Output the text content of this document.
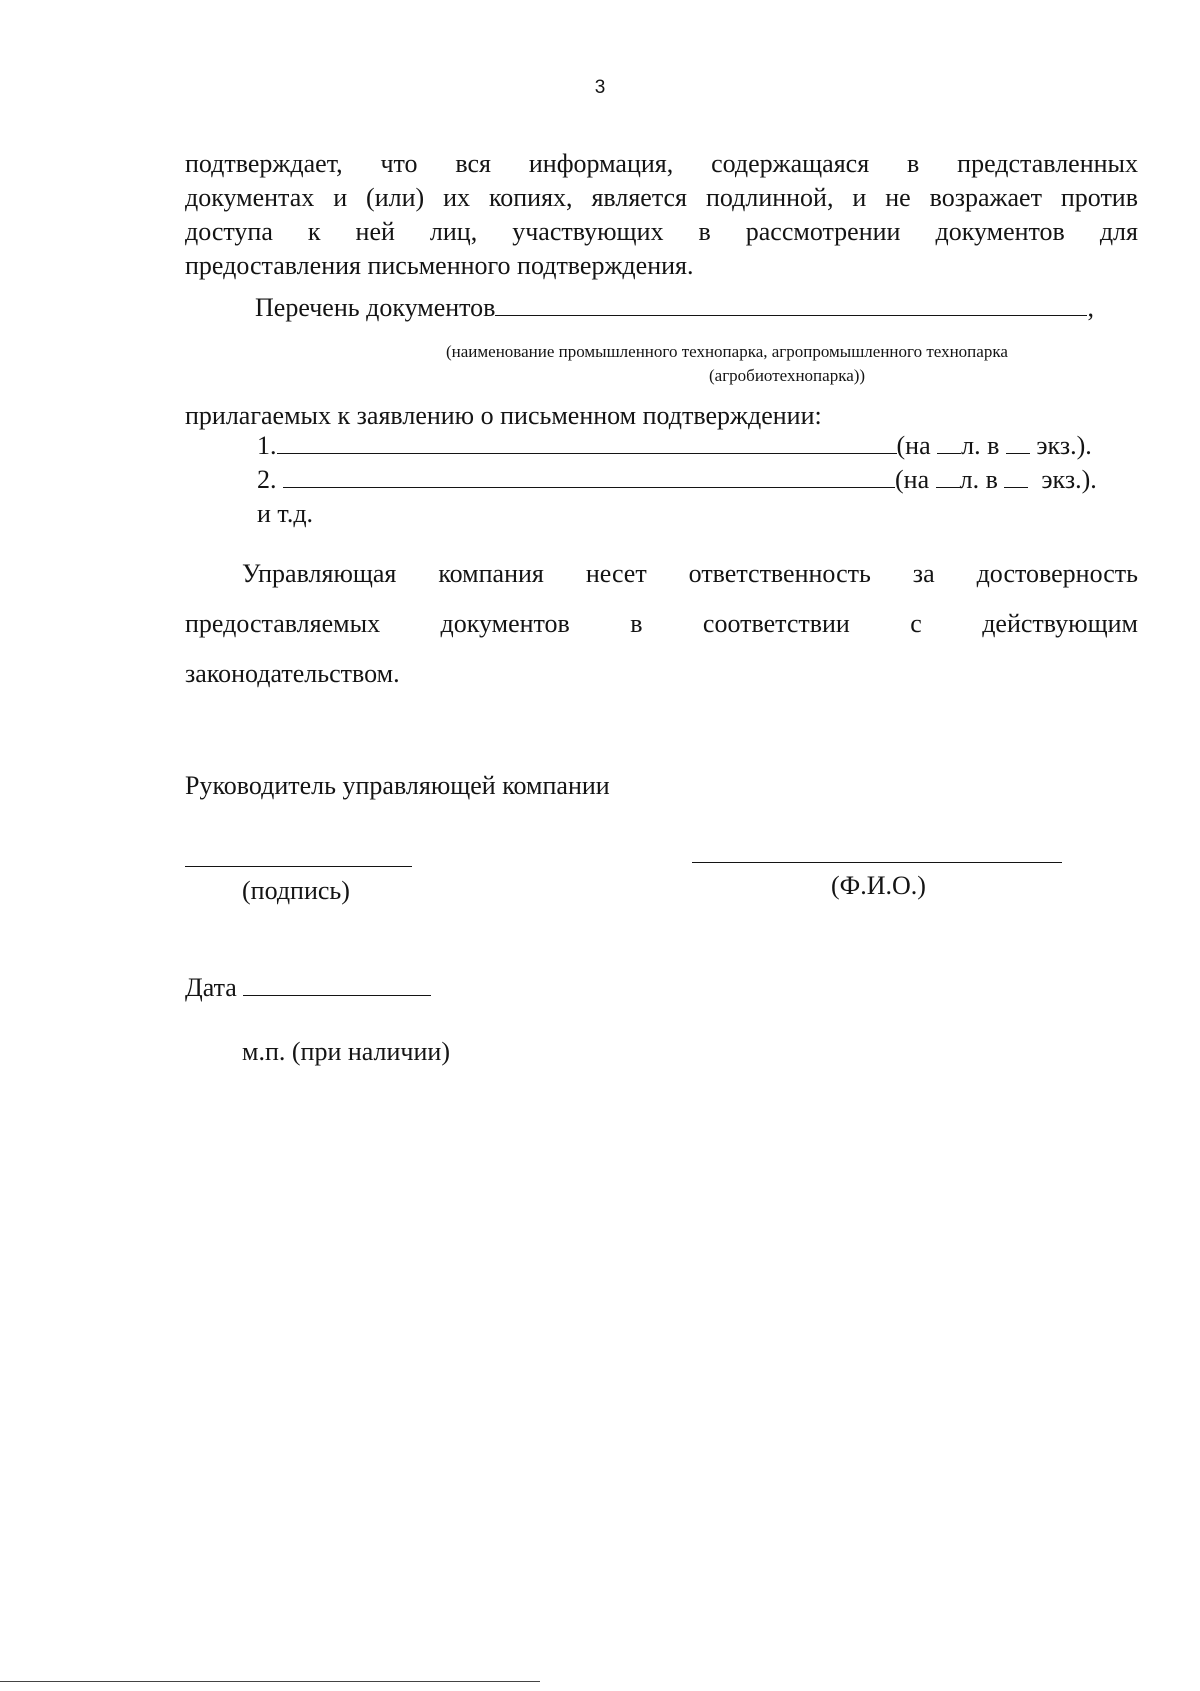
3
подтверждает, что вся информация, содержащаяся в представленных
документах и (или) их копиях, является подлинной, и не возражает против
доступа к ней лиц, участвующих в рассмотрении документов для
предоставления письменного подтверждения.
Перечень документов	,
(наименование промышленного технопарка, агропромышленного технопарка
(агробиотехнопарка))
прилагаемых к заявлению о письменном подтверждении:
1.	(на л. в экз.).
2.	(на л. в экз.).
и т.д.
Управляющая компания несет ответственность за достоверность
предоставляемых документов в соответствии с действующим
законодательством.
Руководитель управляющей компании
(подпись)	(Ф.И.О.)
Дата
м.п. (при наличии)
